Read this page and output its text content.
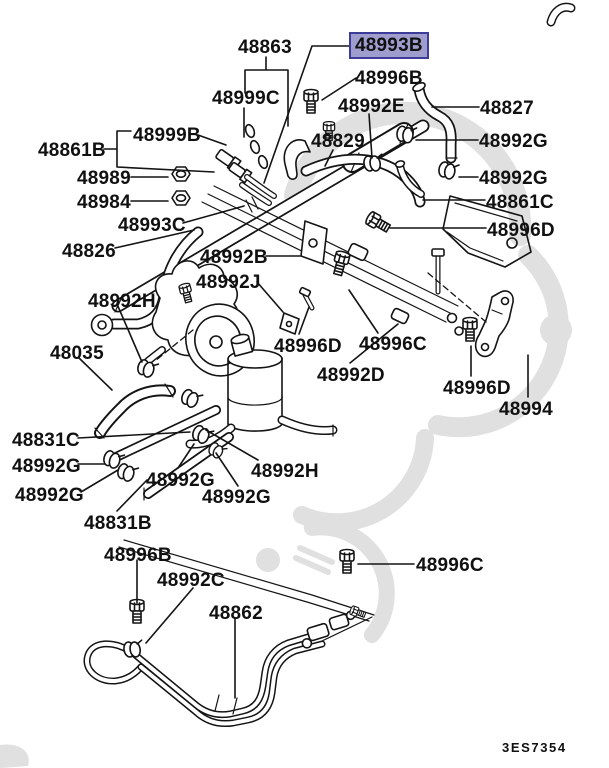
48863	48993B
48996B
48999C	48992E	48827
48999B
48861B	48829	48992G
48989	48992G
48984	48861C
48993C	48996D
48826	48992B
48992J
48992H
48996D 48996C
48035
48992D
48996D
48994
48831C
48992G	48992H
48992G
48992G	48992G
48831B
48996B
48992C
48862
48996C
3ES7354
